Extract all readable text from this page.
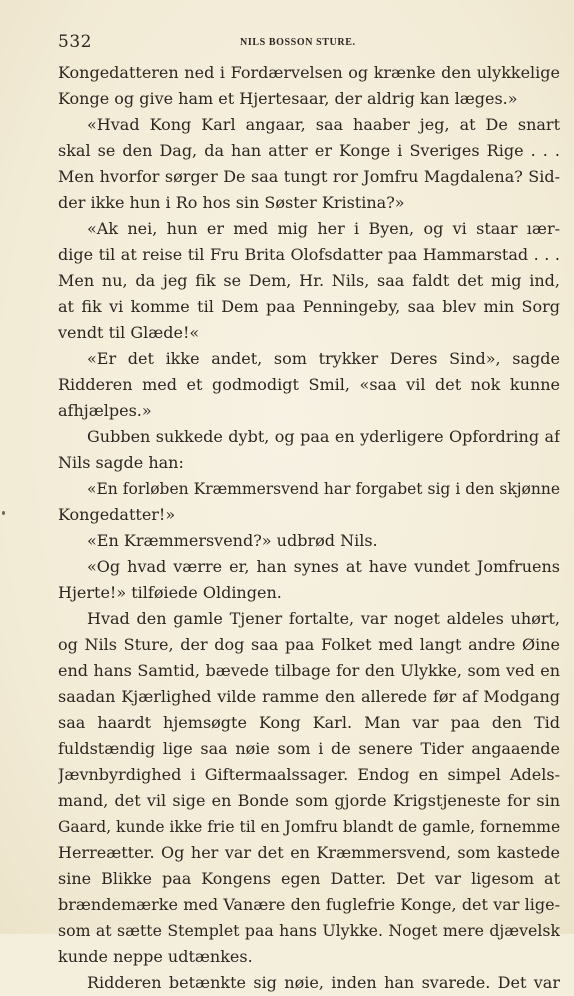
532	NILS BOSSON STURE.
Kongedatteren ned i Fordærvelsen og krænke den ulykkelige
Konge og give ham et Hjertesaar, der aldrig kan læges.»
«Hvad Kong Karl angaar, saa haaber jeg, at De snart
skal se den Dag, da han atter er Konge i Sveriges Rige . . .
Men hvorfor sørger De saa tungt ror Jomfru Magdalena? Sid-
der ikke hun i Ro hos sin Søster Kristina?»
«Ak nei, hun er med mig her i Byen, og vi staar ıær-
dige til at reise til Fru Brita Olofsdatter paa Hammarstad . . .
Men nu, da jeg fik se Dem, Hr. Nils, saa faldt det mig ind,
at fik vi komme til Dem paa Penningeby, saa blev min Sorg
vendt til Glæde!«
«Er det ikke andet, som trykker Deres Sind», sagde
Ridderen med et godmodigt Smil, «saa vil det nok kunne
afhjælpes.»
Gubben sukkede dybt, og paa en yderligere Opfordring af
Nils sagde han:
«En forløben Kræmmersvend har forgabet sig i den skjønne
Kongedatter!»
«En Kræmmersvend?» udbrød Nils.
«Og hvad værre er, han synes at have vundet Jomfruens
Hjerte!» tilføiede Oldingen.
Hvad den gamle Tjener fortalte, var noget aldeles uhørt,
og Nils Sture, der dog saa paa Folket med langt andre Øine
end hans Samtid, bævede tilbage for den Ulykke, som ved en
saadan Kjærlighed vilde ramme den allerede før af Modgang
saa haardt hjemsøgte Kong Karl. Man var paa den Tid
fuldstændig lige saa nøie som i de senere Tider angaaende
Jævnbyrdighed i Giftermaalssager. Endog en simpel Adels-
mand, det vil sige en Bonde som gjorde Krigstjeneste for sin
Gaard, kunde ikke frie til en Jomfru blandt de gamle, fornemme
Herreætter. Og her var det en Kræmmersvend, som kastede
sine Blikke paa Kongens egen Datter. Det var ligesom at
brændemærke med Vanære den fuglefrie Konge, det var lige-
som at sætte Stemplet paa hans Ulykke. Noget mere djævelsk
kunde neppe udtænkes.
Ridderen betænkte sig nøie, inden han svarede. Det var
